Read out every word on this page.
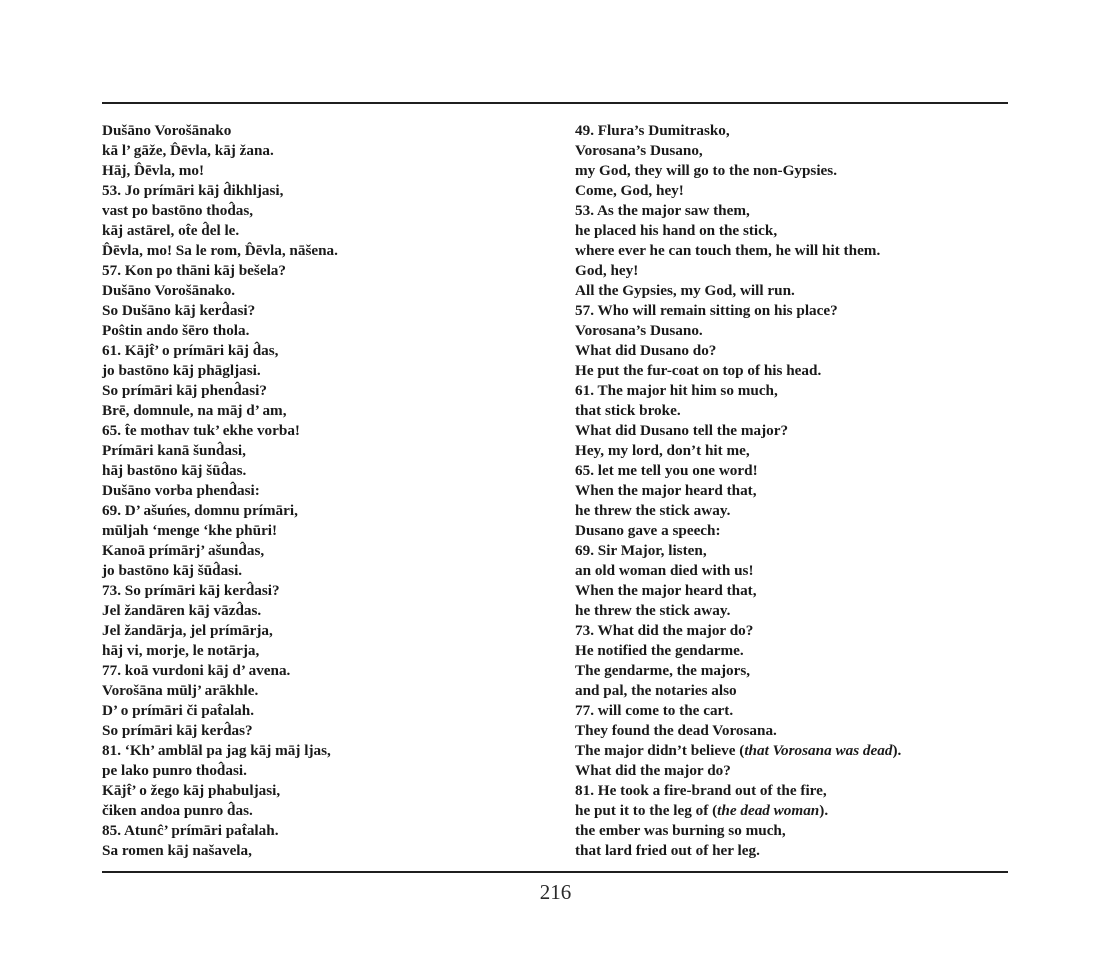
Dušāno Vorošānako
kā l’ gāže, D̂ēvla, kāj žana.
Hāj, D̂ēvla, mo!
53. Jo prímāri kāj d̂ikhljasi,
vast po bastōno thod̂as,
kāj astārel, ot̂e d̂el le.
D̂ēvla, mo! Sa le rom, D̂ēvla, nāšena.
57. Kon po thāni kāj bešela?
Dušāno Vorošānako.
So Dušāno kāj kerd̂asi?
Poŝtin ando šēro thola.
61. Kājt̂’ o prímāri kāj d̂as,
jo bastōno kāj phāgljasi.
So prímāri kāj phend̂asi?
Brē, domnule, na māj d’ am,
65. t̂e mothav tuk’ ekhe vorba!
Prímāri kanā šund̂asi,
hāj bastōno kāj šūd̂as.
Dušāno vorba phend̂asi:
69. D’ ašuńes, domnu prímāri,
mūljah ‘menge ‘khe phūri!
Kanoā prímārj’ ašund̂as,
jo bastōno kāj šūd̂asi.
73. So prímāri kāj kerd̂asi?
Jel žandāren kāj vāzd̂as.
Jel žandārja, jel prímārja,
hāj vi, morje, le notārja,
77. koā vurdoni kāj d’ avena.
Vorošāna mūlj’ arākhle.
D’ o prímāri či pat̂alah.
So prímāri kāj kerd̂as?
81. ‘Kh’ amblāl pa jag kāj māj ljas,
pe lako punro thod̂asi.
Kājt̂’ o žego kāj phabuljasi,
čiken andoa punro d̂as.
85. Atunĉ’ prímāri pat̂alah.
Sa romen kāj našavela,
49. Flura’s Dumitrasko,
Vorosana’s Dusano,
my God, they will go to the non-Gypsies.
Come, God, hey!
53. As the major saw them,
he placed his hand on the stick,
where ever he can touch them, he will hit them.
God, hey!
All the Gypsies, my God, will run.
57. Who will remain sitting on his place?
Vorosana’s Dusano.
What did Dusano do?
He put the fur-coat on top of his head.
61. The major hit him so much,
that stick broke.
What did Dusano tell the major?
Hey, my lord, don’t hit me,
65. let me tell you one word!
When the major heard that,
he threw the stick away.
Dusano gave a speech:
69. Sir Major, listen,
an old woman died with us!
When the major heard that,
he threw the stick away.
73. What did the major do?
He notified the gendarme.
The gendarme, the majors,
and pal, the notaries also
77. will come to the cart.
They found the dead Vorosana.
The major didn’t believe (that Vorosana was dead).
What did the major do?
81. He took a fire-brand out of the fire,
he put it to the leg of (the dead woman).
the ember was burning so much,
that lard fried out of her leg.
216
